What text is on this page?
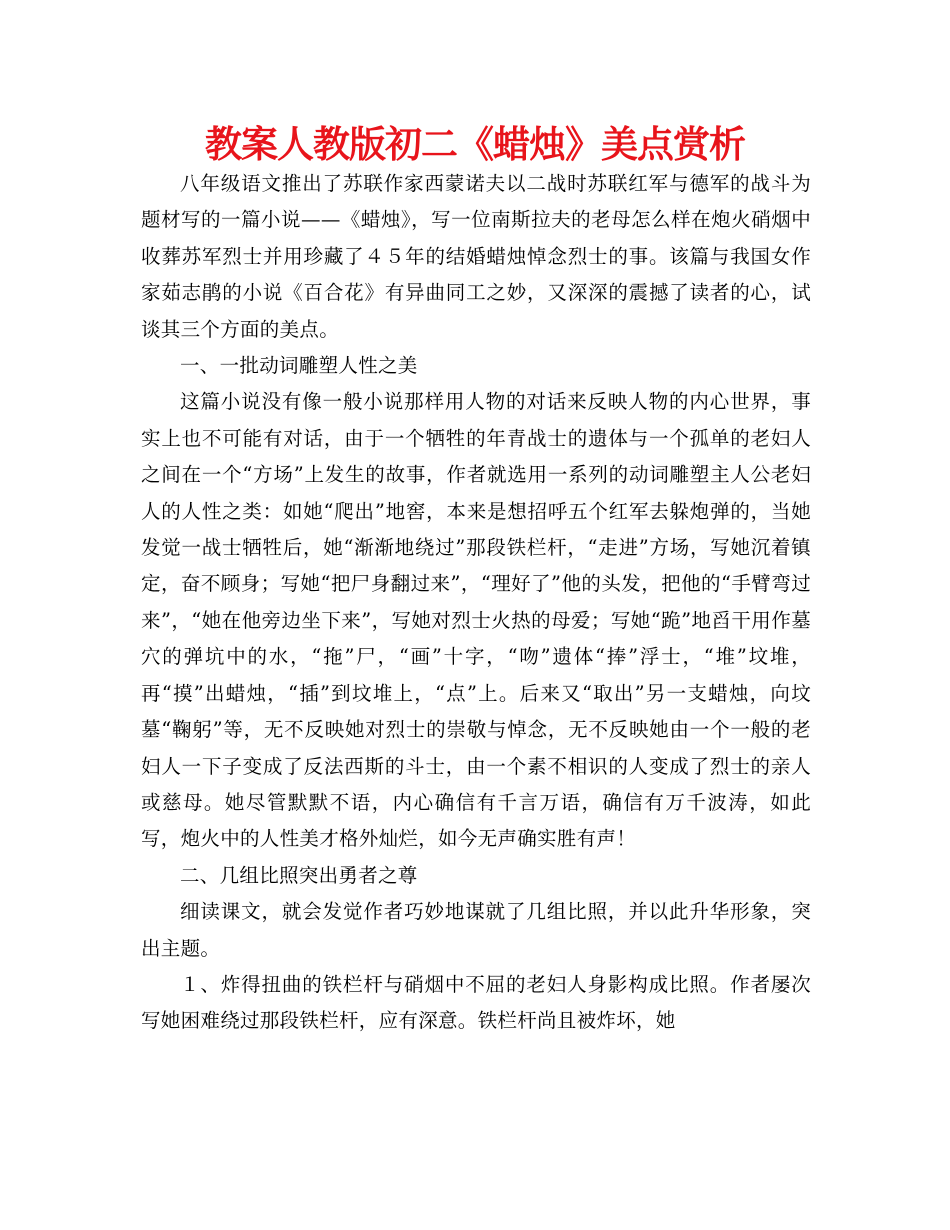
教案人教版初二《蜡烛》美点赏析

八年级语文推出了苏联作家西蒙诺夫以二战时苏联红军与德军的战斗为题材写的一篇小说——《蜡烛》，写一位南斯拉夫的老母怎么样在炮火硝烟中收葬苏军烈士并用珍藏了４５年的结婚蜡烛悼念烈士的事。该篇与我国女作家茹志鹃的小说《百合花》有异曲同工之妙，又深深的震撼了读者的心，试谈其三个方面的美点。

一、一批动词雕塑人性之美

这篇小说没有像一般小说那样用人物的对话来反映人物的内心世界，事实上也不可能有对话，由于一个牺牲的年青战士的遗体与一个孤单的老妇人之间在一个“方场”上发生的故事，作者就选用一系列的动词雕塑主人公老妇人的人性之类：如她“爬出”地窖，本来是想招呼五个红军去躲炮弹的，当她发觉一战士牺牲后，她“渐渐地绕过”那段铁栏杆，“走进”方场，写她沉着镇定，奋不顾身；写她“把尸身翻过来”，“理好了”他的头发，把他的“手臂弯过来”，“她在他旁边坐下来”，写她对烈士火热的母爱；写她“跪”地舀干用作墓穴的弹坑中的水，“拖”尸，“画”十字，“吻”遗体“捧”浮士，“堆”坟堆，再“摸”出蜡烛，“插”到坟堆上，“点”上。后来又“取出”另一支蜡烛，向坟墓“鞠躬”等，无不反映她对烈士的崇敬与悼念，无不反映她由一个一般的老妇人一下子变成了反法西斯的斗士，由一个素不相识的人变成了烈士的亲人或慈母。她尽管默默不语，内心确信有千言万语，确信有万千波涛，如此写，炮火中的人性美才格外灿烂，如今无声确实胜有声！

二、几组比照突出勇者之尊

细读课文，就会发觉作者巧妙地谋就了几组比照，并以此升华形象，突出主题。

１、炸得扭曲的铁栏杆与硝烟中不屈的老妇人身影构成比照。作者屡次写她困难绕过那段铁栏杆，应有深意。铁栏杆尚且被炸坏，她
